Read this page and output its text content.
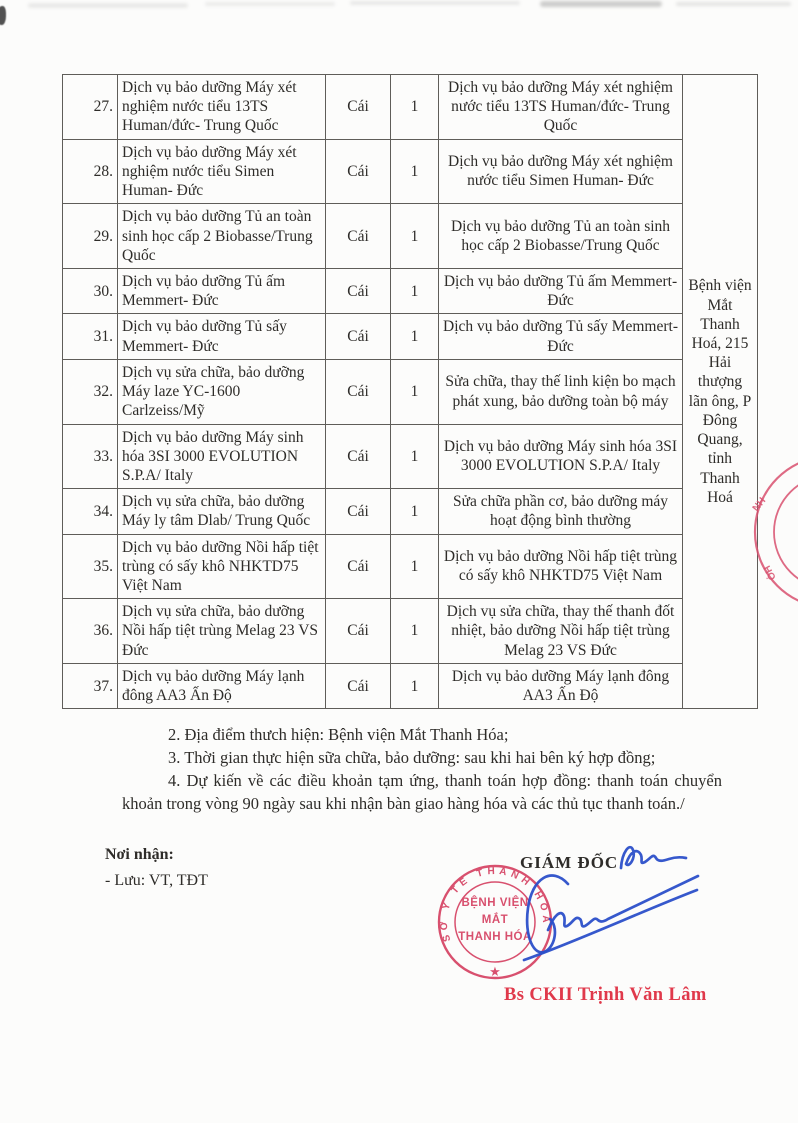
27.	Dịch vụ bảo dưỡng Máy xét nghiệm nước tiểu 13TS Human/đức- Trung Quốc	Cái	1	Dịch vụ bảo dưỡng Máy xét nghiệm nước tiểu 13TS Human/đức- Trung Quốc	Bệnh viện Mắt Thanh Hoá, 215 Hải thượng lãn ông, P Đông Quang, tỉnh Thanh Hoá
28.	Dịch vụ bảo dưỡng Máy xét nghiệm nước tiểu Simen Human- Đức	Cái	1	Dịch vụ bảo dưỡng Máy xét nghiệm nước tiểu Simen Human- Đức	
29.	Dịch vụ bảo dưỡng Tủ an toàn sinh học cấp 2 Biobasse/Trung Quốc	Cái	1	Dịch vụ bảo dưỡng Tủ an toàn sinh học cấp 2 Biobasse/Trung Quốc	
30.	Dịch vụ bảo dưỡng Tủ ấm Memmert- Đức	Cái	1	Dịch vụ bảo dưỡng Tủ ấm Memmert- Đức	
31.	Dịch vụ bảo dưỡng Tủ sấy Memmert- Đức	Cái	1	Dịch vụ bảo dưỡng Tủ sấy Memmert- Đức	
32.	Dịch vụ sửa chữa, bảo dưỡng Máy laze YC-1600 Carlzeiss/Mỹ	Cái	1	Sửa chữa, thay thế linh kiện bo mạch phát xung, bảo dưỡng toàn bộ máy	
33.	Dịch vụ bảo dưỡng Máy sinh hóa 3SI 3000 EVOLUTION S.P.A/ Italy	Cái	1	Dịch vụ bảo dưỡng Máy sinh hóa 3SI 3000 EVOLUTION S.P.A/ Italy	
34.	Dịch vụ sửa chữa, bảo dưỡng Máy ly tâm Dlab/ Trung Quốc	Cái	1	Sửa chữa phần cơ, bảo dưỡng máy hoạt động bình thường	
35.	Dịch vụ bảo dưỡng Nồi hấp tiệt trùng có sấy khô NHKTD75 Việt Nam	Cái	1	Dịch vụ bảo dưỡng Nồi hấp tiệt trùng có sấy khô NHKTD75 Việt Nam	
36.	Dịch vụ sửa chữa, bảo dưỡng Nồi hấp tiệt trùng Melag 23 VS Đức	Cái	1	Dịch vụ sửa chữa, thay thế thanh đốt nhiệt, bảo dưỡng Nồi hấp tiệt trùng Melag 23 VS Đức	
37.	Dịch vụ bảo dưỡng Máy lạnh đông AA3 Ấn Độ	Cái	1	Dịch vụ bảo dưỡng Máy lạnh đông AA3 Ấn Độ	
NH
HỌ

2. Địa điểm thưch hiện: Bệnh viện Mắt Thanh Hóa;

3. Thời gian thực hiện sữa chữa, bảo dưỡng: sau khi hai bên ký hợp đồng;

4. Dự kiến về các điều khoản tạm ứng, thanh toán hợp đồng: thanh toán chuyển khoản trong vòng 90 ngày sau khi nhận bàn giao hàng hóa và các thủ tục thanh toán./

Nơi nhận:
- Lưu: VT, TĐT
GIÁM ĐỐC
SỞ Y TẾ THANH HÓA
BỆNH VIỆN
MẮT
THANH HÓA
★
Bs CKII Trịnh Văn Lâm
